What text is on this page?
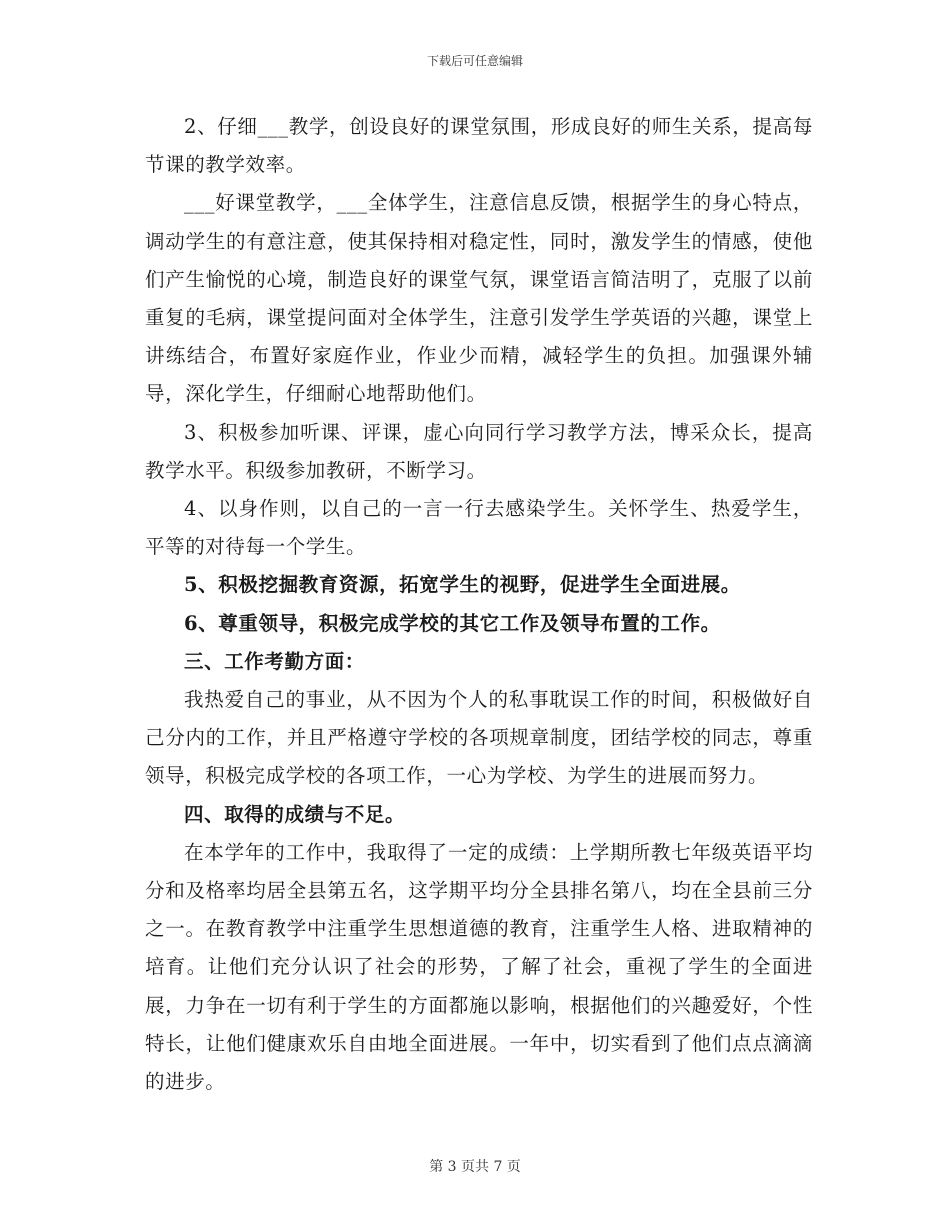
下载后可任意编辑

2、仔细___教学，创设良好的课堂氛围，形成良好的师生关系，提高每节课的教学效率。

___好课堂教学，___全体学生，注意信息反馈，根据学生的身心特点，调动学生的有意注意，使其保持相对稳定性，同时，激发学生的情感，使他们产生愉悦的心境，制造良好的课堂气氛，课堂语言简洁明了，克服了以前重复的毛病，课堂提问面对全体学生，注意引发学生学英语的兴趣，课堂上讲练结合，布置好家庭作业，作业少而精，减轻学生的负担。加强课外辅导，深化学生，仔细耐心地帮助他们。

3、积极参加听课、评课，虚心向同行学习教学方法，博采众长，提高教学水平。积级参加教研，不断学习。

4、以身作则，以自己的一言一行去感染学生。关怀学生、热爱学生，平等的对待每一个学生。

5、积极挖掘教育资源，拓宽学生的视野，促进学生全面进展。

6、尊重领导，积极完成学校的其它工作及领导布置的工作。

三、工作考勤方面：

我热爱自己的事业，从不因为个人的私事耽误工作的时间，积极做好自己分内的工作，并且严格遵守学校的各项规章制度，团结学校的同志，尊重领导，积极完成学校的各项工作，一心为学校、为学生的进展而努力。

四、取得的成绩与不足。

在本学年的工作中，我取得了一定的成绩：上学期所教七年级英语平均分和及格率均居全县第五名，这学期平均分全县排名第八，均在全县前三分之一。在教育教学中注重学生思想道德的教育，注重学生人格、进取精神的培育。让他们充分认识了社会的形势，了解了社会，重视了学生的全面进展，力争在一切有利于学生的方面都施以影响，根据他们的兴趣爱好，个性特长，让他们健康欢乐自由地全面进展。一年中，切实看到了他们点点滴滴的进步。

第 3 页共 7 页
